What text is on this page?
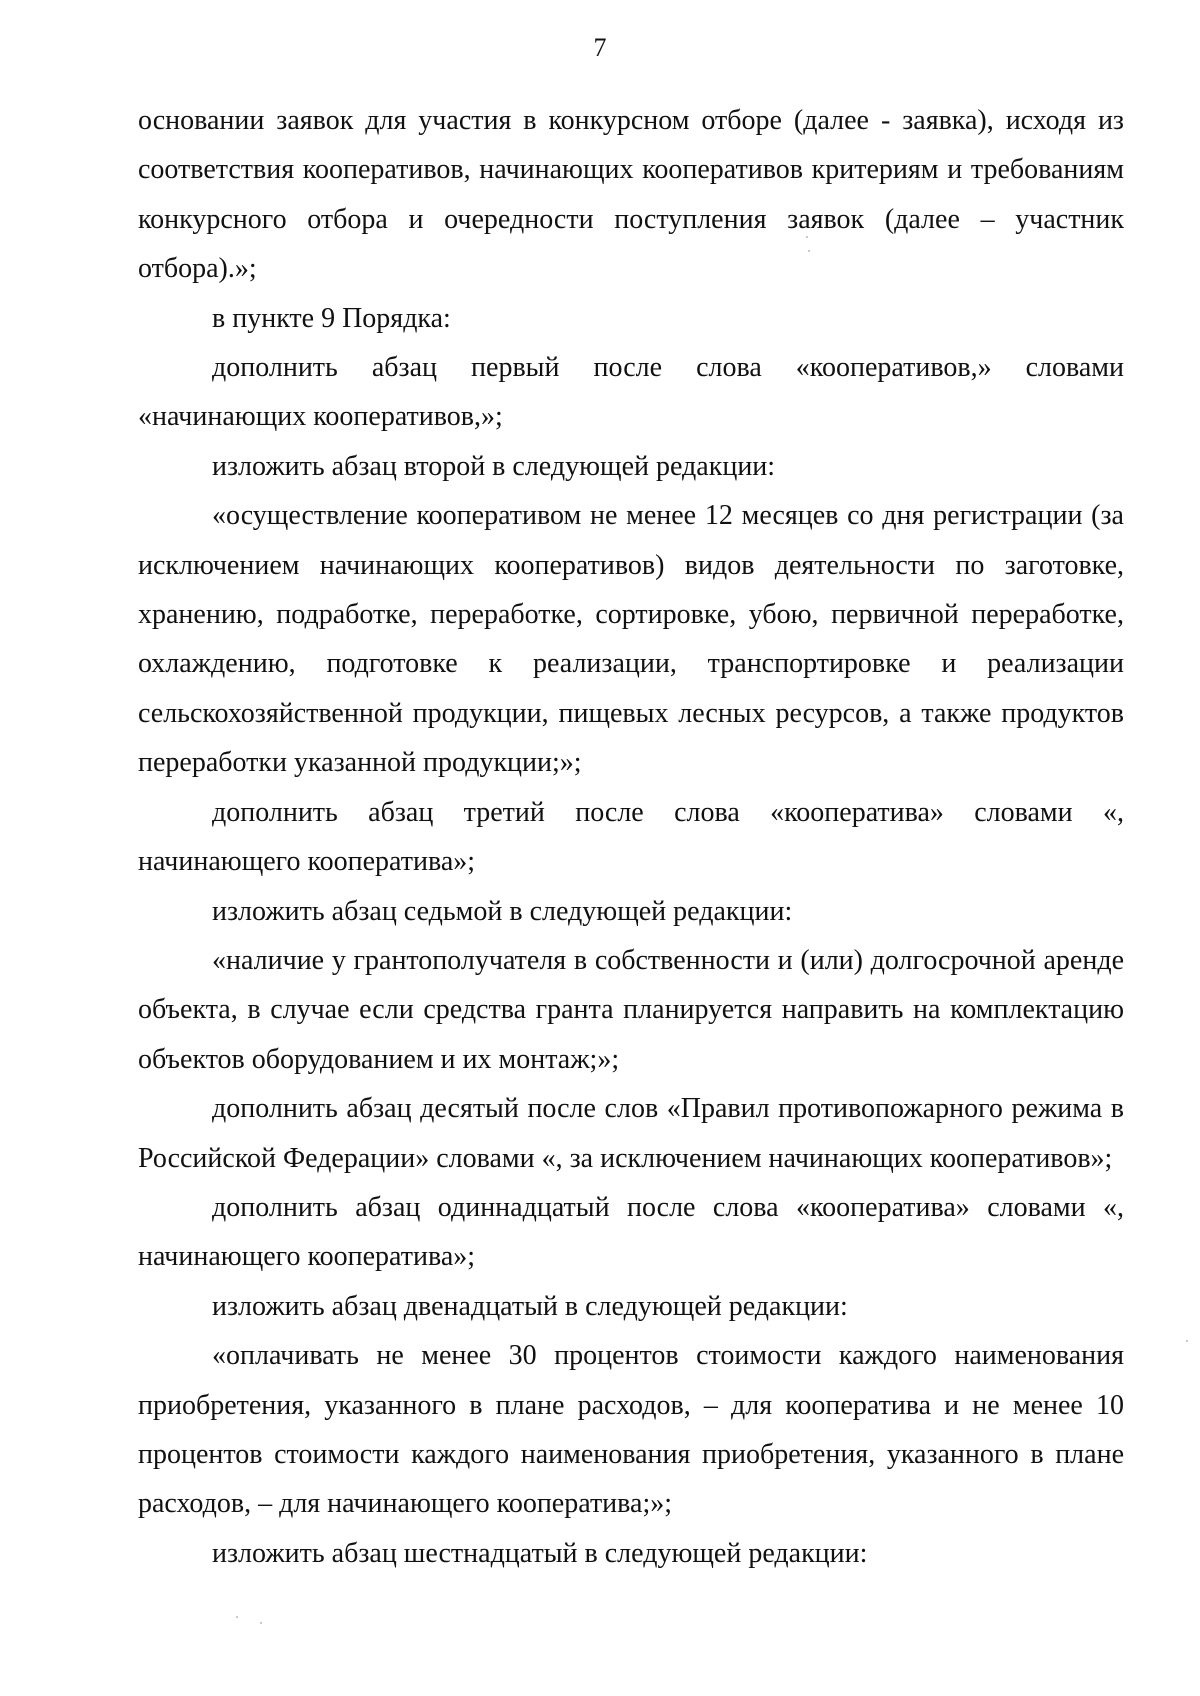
7

основании заявок для участия в конкурсном отборе (далее - заявка), исходя из соответствия кооперативов, начинающих кооперативов критериям и требованиям конкурсного отбора и очередности поступления заявок (далее – участник отбора).»;

в пункте 9 Порядка:

дополнить абзац первый после слова «кооперативов,» словами «начинающих кооперативов,»;

изложить абзац второй в следующей редакции:

«осуществление кооперативом не менее 12 месяцев со дня регистрации (за исключением начинающих кооперативов) видов деятельности по заготовке, хранению, подработке, переработке, сортировке, убою, первичной переработке, охлаждению, подготовке к реализации, транспортировке и реализации сельскохозяйственной продукции, пищевых лесных ресурсов, а также продуктов переработки указанной продукции;»;

дополнить абзац третий после слова «кооператива» словами «, начинающего кооператива»;

изложить абзац седьмой в следующей редакции:

«наличие у грантополучателя в собственности и (или) долгосрочной аренде объекта, в случае если средства гранта планируется направить на комплектацию объектов оборудованием и их монтаж;»;

дополнить абзац десятый после слов «Правил противопожарного режима в Российской Федерации» словами «, за исключением начинающих кооперативов»;

дополнить абзац одиннадцатый после слова «кооператива» словами «, начинающего кооператива»;

изложить абзац двенадцатый в следующей редакции:

«оплачивать не менее 30 процентов стоимости каждого наименования приобретения, указанного в плане расходов, – для кооператива и не менее 10 процентов стоимости каждого наименования приобретения, указанного в плане расходов, – для начинающего кооператива;»;

изложить абзац шестнадцатый в следующей редакции:
